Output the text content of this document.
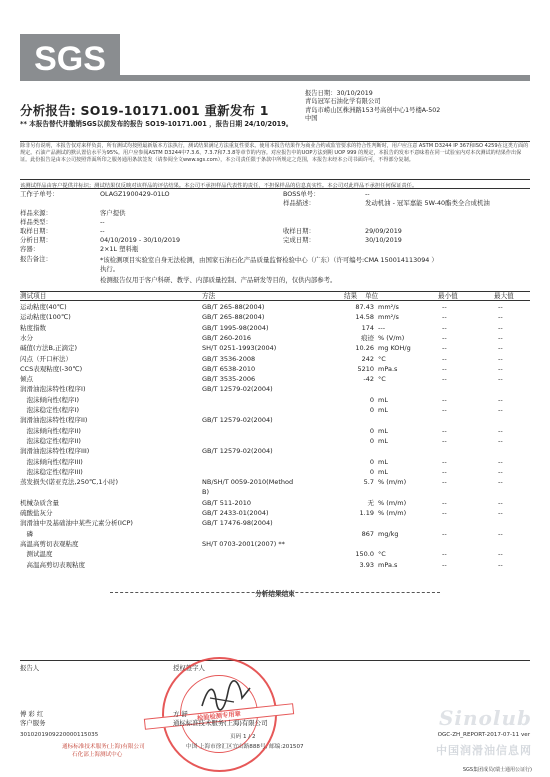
SGS
报告日期：30/10/2019
青岛冠军石油化学有限公司
青岛市崂山区株洲路153号高创中心1号楼A-502
中国
分析报告: SO19-10171.001 重新发布 1
** 本报告替代并撤销SGS以前发布的报告 SO19-10171.001 ，报告日期 24/10/2019。
除非另有说明，本报告仅对来样负责，所有测试均按照最新版本方法执行，测试结果满足方法重复性要求。使用本报告结果作为商业合约或监管要求的符合性判断时，用户应注意 ASTM D3244 IP 367和ISO 4259在这类方面的规定。石油产品测试的默认置信水平为95%。用户应参阅ASTM D3244中7.3.6、7.3.7和7.3.8等章节的内容。对应报告中的UOP方法到期 UOP 999 的规定，本报告的发布不意味着在同一试验室内对本次测试的结果作出保证。此份报告是由本公司按照背面所印之服务通用条款签发（请参阅全文www.sgs.com），本公司责任限于条款中所规定之范围，本报告未经本公司书面许可，不得部分复制。
该测试样品由客户提供并标识；测试结果仅反映对该样品的评估结果。本公司不承担样品代表性的责任，不担保样品的信息真实性。本公司对此样品不承担任何保证责任。
工作子单号：	OLAGZ1900429-01LO	BOSS单号：	--
样品描述：	发动机油 - 冠军嘉能 5W-40酯类全合成机油
样品来源：	客户提供
样品类型：	--
取样日期：	--	收样日期：	29/09/2019
分析日期：	04/10/2019 - 30/10/2019	完成日期：	30/10/2019
容器：	2×1L 塑料瓶
报告备注：	*该检测项目实验室自身无法检测，由国家石油石化产品质量监督检验中心（广东）（许可编号:CMA 150014113094 ）执行。
检测报告仅用于客户科研、教学、内部质量控制、产品研发等目的，仅供内部参考。
测试项目	方法	结果 单位	最小值	最大值
运动粘度(40℃)	GB/T 265-88(2004)	87.43 mm²/s	--	--
运动粘度(100℃)	GB/T 265-88(2004)	14.58 mm²/s	--	--
粘度指数	GB/T 1995-98(2004)	174 ---	--	--
水分	GB/T 260-2016	痕迹 % (V/m)	--	--
碱值(方法B,正滴定)	SH/T 0251-1993(2004)	10.26 mg KOH/g	--	--
闪点（开口杯法）	GB/T 3536-2008	242 °C	--	--
CCS表观粘度(-30℃)	GB/T 6538-2010	5210 mPa.s	--	--
倾点	GB/T 3535-2006	-42 °C	--	--
润滑油泡沫特性(程序I)	GB/T 12579-02(2004)
　泡沫倾向性(程序I)	0 mL	--	--
　泡沫稳定性(程序I)	0 mL	--	--
润滑油泡沫特性(程序II)	GB/T 12579-02(2004)
　泡沫倾向性(程序II)	0 mL	--	--
　泡沫稳定性(程序II)	0 mL	--	--
润滑油泡沫特性(程序III)	GB/T 12579-02(2004)
　泡沫倾向性(程序III)	0 mL	--	--
　泡沫稳定性(程序III)	0 mL	--	--
蒸发损失(诺亚克法,250℃,1小时)	NB/SH/T 0059-2010(Method	5.7 % (m/m)	--	--
B)
机械杂质含量	GB/T 511-2010	无 % (m/m)	--	--
硫酸盐灰分	GB/T 2433-01(2004)	1.19 % (m/m)	--	--
润滑油中及基础油中某些元素分析(ICP)	GB/T 17476-98(2004)
　磷	867 mg/kg	--	--
高温高剪切表观粘度	SH/T 0703-2001(2007) **
　测试温度	150.0 °C	--	--
　高温高剪切表观粘度	3.93 mPa.s	--	--
分析结果结束
报告人	授权签字人
检验检测专用章
傅 彩 红	方 舒
客户服务	通标标准技术服务(上海)有限公司
3010201909220000115035	页码 1 / 2	OGC-ZH_REPORT-2017-07-11 ver
通标标准技术服务(上海)有限公司
石化部上海测试中心
中国 上海市徐汇区宜山路888号, 邮编:201507
SGS集团成员(瑞士通用公证行)
Sinolub
中国润滑油信息网
